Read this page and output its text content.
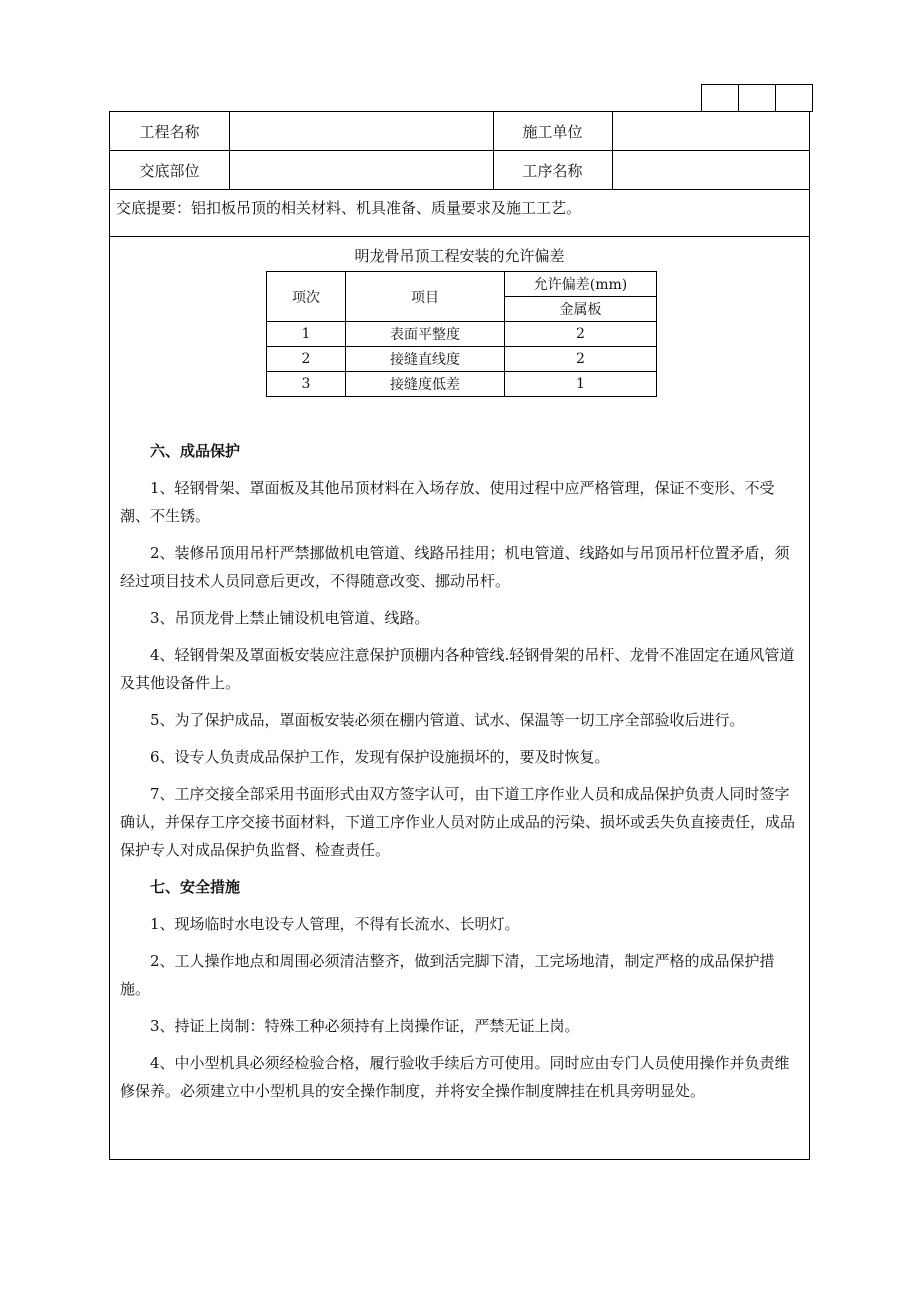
工程名称	施工单位
交底部位	工序名称
交底提要：铝扣板吊顶的相关材料、机具准备、质量要求及施工工艺。
明龙骨吊顶工程安装的允许偏差
项次	项目	允许偏差(mm)
		金属板
1	表面平整度	2
2	接缝直线度	2
3	接缝度低差	1
六、成品保护

1、轻钢骨架、罩面板及其他吊顶材料在入场存放、使用过程中应严格管理，保证不变形、不受潮、不生锈。

2、装修吊顶用吊杆严禁挪做机电管道、线路吊挂用；机电管道、线路如与吊顶吊杆位置矛盾，须经过项目技术人员同意后更改，不得随意改变、挪动吊杆。

3、吊顶龙骨上禁止铺设机电管道、线路。

4、轻钢骨架及罩面板安装应注意保护顶棚内各种管线.轻钢骨架的吊杆、龙骨不准固定在通风管道及其他设备件上。

5、为了保护成品，罩面板安装必须在棚内管道、试水、保温等一切工序全部验收后进行。

6、设专人负责成品保护工作，发现有保护设施损坏的，要及时恢复。

7、工序交接全部采用书面形式由双方签字认可，由下道工序作业人员和成品保护负责人同时签字确认，并保存工序交接书面材料，下道工序作业人员对防止成品的污染、损坏或丢失负直接责任，成品保护专人对成品保护负监督、检查责任。

七、安全措施

1、现场临时水电设专人管理，不得有长流水、长明灯。

2、工人操作地点和周围必须清洁整齐，做到活完脚下清，工完场地清，制定严格的成品保护措施。

3、持证上岗制：特殊工种必须持有上岗操作证，严禁无证上岗。

4、中小型机具必须经检验合格，履行验收手续后方可使用。同时应由专门人员使用操作并负责维修保养。必须建立中小型机具的安全操作制度，并将安全操作制度牌挂在机具旁明显处。
